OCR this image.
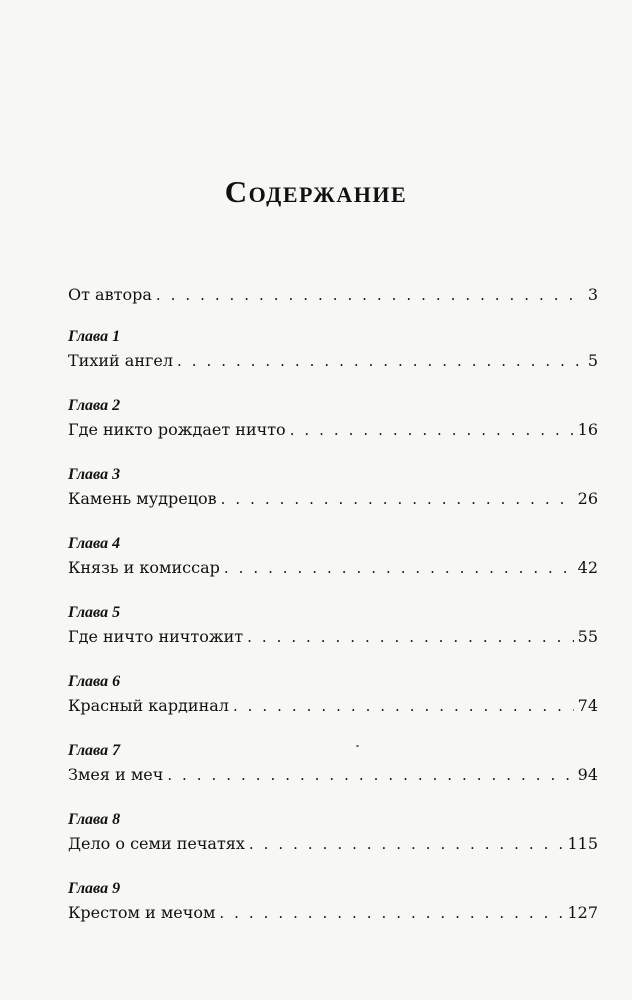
Содержание
От автора . . .	3
Глава 1
Тихий ангел . . .	5
Глава 2
Где никто рождает ничто . . .	16
Глава 3
Камень мудрецов . . .	26
Глава 4
Князь и комиссар . . .	42
Глава 5
Где ничто ничтожит . . .	55
Глава 6
Красный кардинал . . .	74
Глава 7
Змея и меч . . .	94
Глава 8
Дело о семи печатях . . .	115
Глава 9
Крестом и мечом . . .	127
